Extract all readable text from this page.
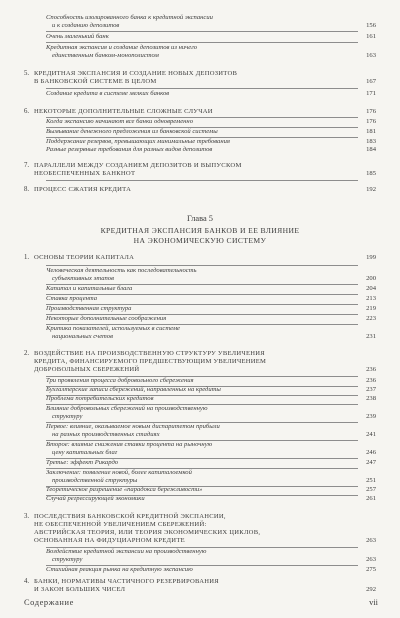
Способность изолированного банка к кредитной экспансии
и к созданию депозитов	156
Очень маленький банк	161
Кредитная экспансия и создание депозитов из ничего
единственным банком-монополистом	163
5. КРЕДИТНАЯ ЭКСПАНСИЯ И СОЗДАНИЕ НОВЫХ ДЕПОЗИТОВ
В БАНКОВСКОЙ СИСТЕМЕ В ЦЕЛОМ	167
Создание кредита в системе мелких банков	171
6. НЕКОТОРЫЕ ДОПОЛНИТЕЛЬНЫЕ СЛОЖНЫЕ СЛУЧАИ	176
Когда экспансию начинают все банки одновременно	176
Вымывание денежного предложения из банковской системы	181
Поддержание резервов, превышающих минимальные требования	183
Разные резервные требования для разных видов депозитов	184
7. ПАРАЛЛЕЛИ МЕЖДУ СОЗДАНИЕМ ДЕПОЗИТОВ И ВЫПУСКОМ
НЕОБЕСПЕЧЕННЫХ БАНКНОТ	185
8. ПРОЦЕСС СЖАТИЯ КРЕДИТА	192
Глава 5
КРЕДИТНАЯ ЭКСПАНСИЯ БАНКОВ И ЕЕ ВЛИЯНИЕ
НА ЭКОНОМИЧЕСКУЮ СИСТЕМУ
1. ОСНОВЫ ТЕОРИИ КАПИТАЛА	199
Человеческая деятельность как последовательность
субъективных этапов	200
Капитал и капитальные блага	204
Ставка процента	213
Производственная структура	219
Некоторые дополнительные соображения	223
Критика показателей, используемых в системе
национальных счетов	231
2. ВОЗДЕЙСТВИЕ НА ПРОИЗВОДСТВЕННУЮ СТРУКТУРУ УВЕЛИЧЕНИЯ
КРЕДИТА, ФИНАНСИРУЕМОГО ПРЕДШЕСТВУЮЩИМ УВЕЛИЧЕНИЕМ
ДОБРОВОЛЬНЫХ СБЕРЕЖЕНИЙ	236
Три проявления процесса добровольного сбережения	236
Бухгалтерские записи сбережений, направленных на кредиты	237
Проблема потребительских кредитов	238
Влияние добровольных сбережений на производственную
структуру	239
Первое: влияние, оказываемое новым диспаритетом прибыли
на разных производственных стадиях	241
Второе: влияние снижения ставки процента на рыночную
цену капитальных благ	246
Третье: эффект Рикардо	247
Заключение: появление новой, более капиталоемкой
производственной структуры	251
Теоретическое разрешение «парадокса бережливости»	257
Случай регрессирующей экономики	261
3. ПОСЛЕДСТВИЯ БАНКОВСКОЙ КРЕДИТНОЙ ЭКСПАНСИИ,
НЕ ОБЕСПЕЧЕННОЙ УВЕЛИЧЕНИЕМ СБЕРЕЖЕНИЙ:
АВСТРИЙСКАЯ ТЕОРИЯ, ИЛИ ТЕОРИЯ ЭКОНОМИЧЕСКИХ ЦИКЛОВ,
ОСНОВАННАЯ НА ФИДУЦИАРНОМ КРЕДИТЕ	263
Воздействие кредитной экспансии на производственную
структуру	263
Стихийная реакция рынка на кредитную экспансию	275
4. БАНКИ, НОРМАТИВЫ ЧАСТИЧНОГО РЕЗЕРВИРОВАНИЯ
И ЗАКОН БОЛЬШИХ ЧИСЕЛ	292
Содержание	vii
